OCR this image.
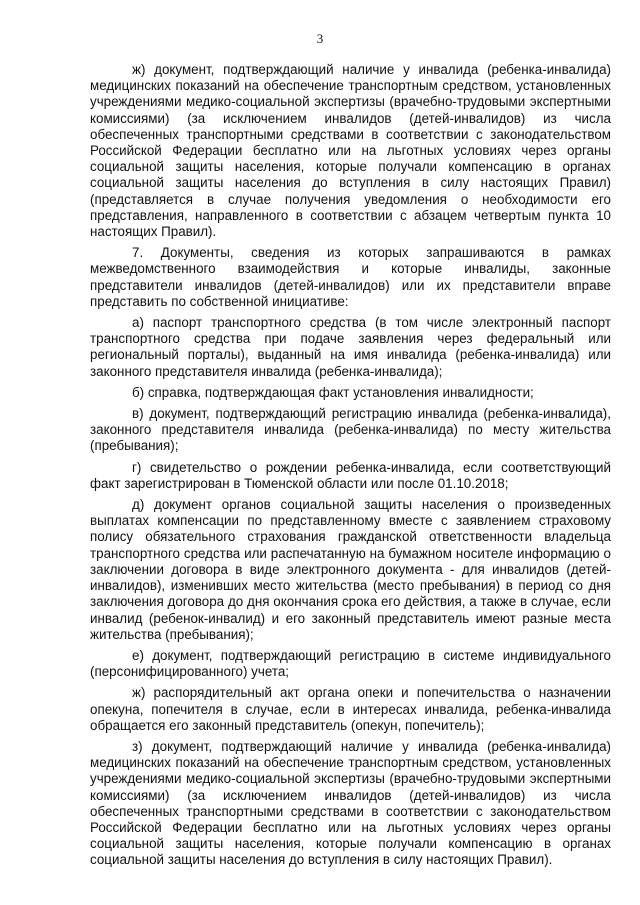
3

ж) документ, подтверждающий наличие у инвалида (ребенка-инвалида) медицинских показаний на обеспечение транспортным средством, установленных учреждениями медико-социальной экспертизы (врачебно-трудовыми экспертными комиссиями) (за исключением инвалидов (детей-инвалидов) из числа обеспеченных транспортными средствами в соответствии с законодательством Российской Федерации бесплатно или на льготных условиях через органы социальной защиты населения, которые получали компенсацию в органах социальной защиты населения до вступления в силу настоящих Правил) (представляется в случае получения уведомления о необходимости его представления, направленного в соответствии с абзацем четвертым пункта 10 настоящих Правил).

7. Документы, сведения из которых запрашиваются в рамках межведомственного взаимодействия и которые инвалиды, законные представители инвалидов (детей-инвалидов) или их представители вправе представить по собственной инициативе:

а) паспорт транспортного средства (в том числе электронный паспорт транспортного средства при подаче заявления через федеральный или региональный порталы), выданный на имя инвалида (ребенка-инвалида) или законного представителя инвалида (ребенка-инвалида);

б) справка, подтверждающая факт установления инвалидности;

в) документ, подтверждающий регистрацию инвалида (ребенка-инвалида), законного представителя инвалида (ребенка-инвалида) по месту жительства (пребывания);

г) свидетельство о рождении ребенка-инвалида, если соответствующий факт зарегистрирован в Тюменской области или после 01.10.2018;

д) документ органов социальной защиты населения о произведенных выплатах компенсации по представленному вместе с заявлением страховому полису обязательного страхования гражданской ответственности владельца транспортного средства или распечатанную на бумажном носителе информацию о заключении договора в виде электронного документа - для инвалидов (детей-инвалидов), изменивших место жительства (место пребывания) в период со дня заключения договора до дня окончания срока его действия, а также в случае, если инвалид (ребенок-инвалид) и его законный представитель имеют разные места жительства (пребывания);

е) документ, подтверждающий регистрацию в системе индивидуального (персонифицированного) учета;

ж) распорядительный акт органа опеки и попечительства о назначении опекуна, попечителя в случае, если в интересах инвалида, ребенка-инвалида обращается его законный представитель (опекун, попечитель);

з) документ, подтверждающий наличие у инвалида (ребенка-инвалида) медицинских показаний на обеспечение транспортным средством, установленных учреждениями медико-социальной экспертизы (врачебно-трудовыми экспертными комиссиями) (за исключением инвалидов (детей-инвалидов) из числа обеспеченных транспортными средствами в соответствии с законодательством Российской Федерации бесплатно или на льготных условиях через органы социальной защиты населения, которые получали компенсацию в органах социальной защиты населения до вступления в силу настоящих Правил).
